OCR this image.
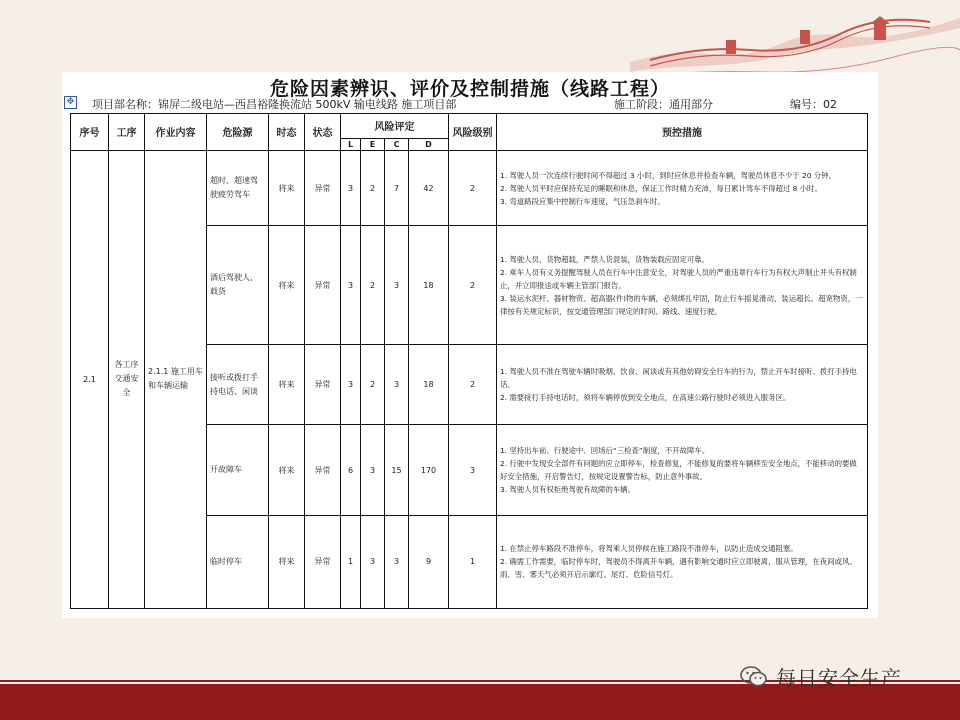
危险因素辨识、评价及控制措施（线路工程）
✥ 项目部名称：锦屏二级电站—西昌裕隆换流站 500kV 输电线路 施工项目部	施工阶段：通用部分	编号：02
序号	工序	作业内容	危险源	时态	状态	风险评定				风险级别	预控措施
						L	E	C	D		
2.1	各工序交通安全	2.1.1 施工用车和车辆运输	超时、超速驾驶疲劳驾车	将来	异常	3	2	7	42	2	1. 驾驶人员一次连续行驶时间不得超过 3 小时，到时应休息并检查车辆，驾驶员休息不少于 20 分钟。
2. 驾驶人员平时应保持充足的睡眠和休息，保证工作时精力充沛，每日累计驾车不得超过 8 小时。
3. 弯道路段应集中控制行车速度，气压急刹车时。

			酒后驾驶人、载货	将来	异常	3	2	3	18	2	1. 驾驶人员、货物超载，严禁人货混装，货物装载应固定可靠。
2. 乘车人员有义务提醒驾驶人员在行车中注意安全，对驾驶人员的严重违章行车行为有权大声制止并头有权制止，并立即报送或车辆主管部门报告。
3. 装运水泥杆、器材物资、超高器(件)物的车辆，必须绑扎牢固，防止行车摇晃滑动、装运超长、超宽物资，一律按有关规定标识，按交通管理部门规定的时间、路线、速度行驶。

			接听或拨打手持电话、闲谈	将来	异常	3	2	3	18	2	1. 驾驶人员不准在驾驶车辆时吸烟、饮食、闲谈或有其他妨碍安全行车的行为，禁止开车时接听、拨打手持电话。
2. 需要接打手持电话时，须将车辆停放到安全地点，在高速公路行驶时必须进入服务区。

			开故障车	将来	异常	6	3	15	170	3	1. 坚持出车前、行驶途中、回场后“三检查”制度，不开故障车。
2. 行驶中发现安全部件有问题的应立即停车，检查修复，不能修复的要将车辆移至安全地点，不能移动的要做好安全措施，开启警告灯，按规定设置警告标，防止意外事故。
3. 驾驶人员有权拒绝驾驶有故障的车辆。

			临时停车	将来	异常	1	3	3	9	1	1. 在禁止停车路段不准停车，将驾乘人员停候在施工路段不准停车，以防止造成交通阻塞。
2. 确需工作需要，临时停车时，驾驶员不得离开车辆，遇有影响交通时应立即驶离，服从管理，在夜间或风、雨、雪、雾天气必须开启示廓灯、尾灯、危险信号灯。
每日安全生产
